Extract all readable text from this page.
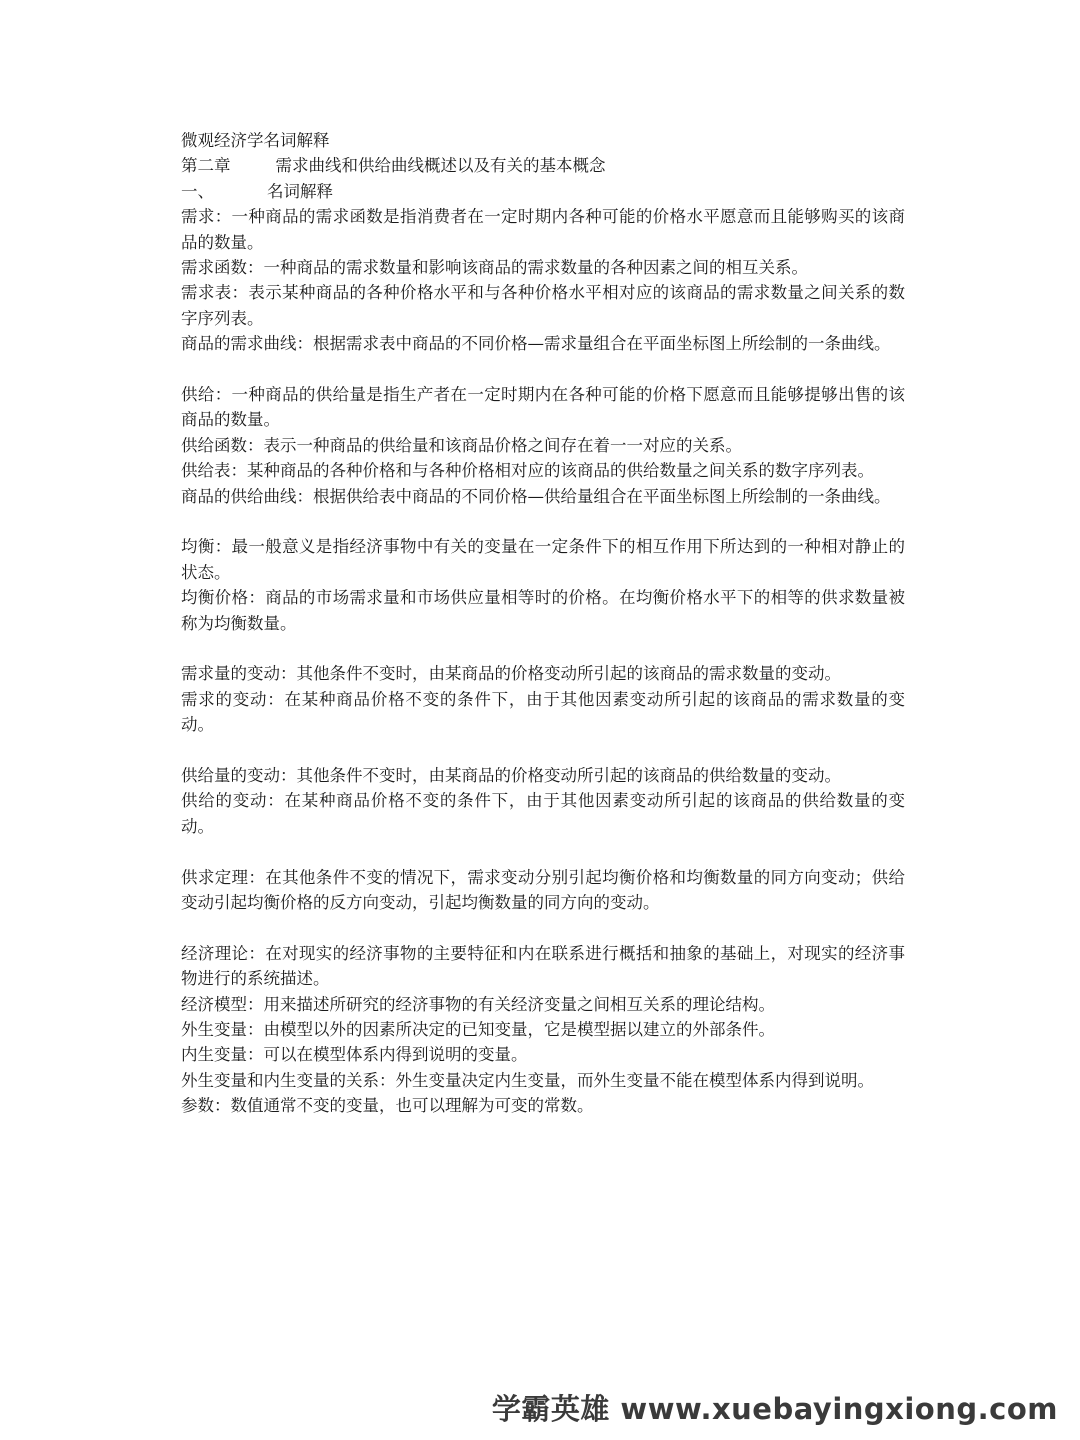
微观经济学名词解释
第二章	需求曲线和供给曲线概述以及有关的基本概念
一、	名词解释
需求：一种商品的需求函数是指消费者在一定时期内各种可能的价格水平愿意而且能够购买的该商品的数量。
需求函数：一种商品的需求数量和影响该商品的需求数量的各种因素之间的相互关系。
需求表：表示某种商品的各种价格水平和与各种价格水平相对应的该商品的需求数量之间关系的数字序列表。
商品的需求曲线：根据需求表中商品的不同价格—需求量组合在平面坐标图上所绘制的一条曲线。
供给：一种商品的供给量是指生产者在一定时期内在各种可能的价格下愿意而且能够提够出售的该商品的数量。
供给函数：表示一种商品的供给量和该商品价格之间存在着一一对应的关系。
供给表：某种商品的各种价格和与各种价格相对应的该商品的供给数量之间关系的数字序列表。
商品的供给曲线：根据供给表中商品的不同价格—供给量组合在平面坐标图上所绘制的一条曲线。
均衡：最一般意义是指经济事物中有关的变量在一定条件下的相互作用下所达到的一种相对静止的状态。
均衡价格：商品的市场需求量和市场供应量相等时的价格。在均衡价格水平下的相等的供求数量被称为均衡数量。
需求量的变动：其他条件不变时，由某商品的价格变动所引起的该商品的需求数量的变动。
需求的变动：在某种商品价格不变的条件下，由于其他因素变动所引起的该商品的需求数量的变动。
供给量的变动：其他条件不变时，由某商品的价格变动所引起的该商品的供给数量的变动。
供给的变动：在某种商品价格不变的条件下，由于其他因素变动所引起的该商品的供给数量的变动。
供求定理：在其他条件不变的情况下，需求变动分别引起均衡价格和均衡数量的同方向变动；供给变动引起均衡价格的反方向变动，引起均衡数量的同方向的变动。
经济理论：在对现实的经济事物的主要特征和内在联系进行概括和抽象的基础上，对现实的经济事物进行的系统描述。
经济模型：用来描述所研究的经济事物的有关经济变量之间相互关系的理论结构。
外生变量：由模型以外的因素所决定的已知变量，它是模型据以建立的外部条件。
内生变量：可以在模型体系内得到说明的变量。
外生变量和内生变量的关系：外生变量决定内生变量，而外生变量不能在模型体系内得到说明。
参数：数值通常不变的变量，也可以理解为可变的常数。
学霸英雄 www.xuebayingxiong.com
